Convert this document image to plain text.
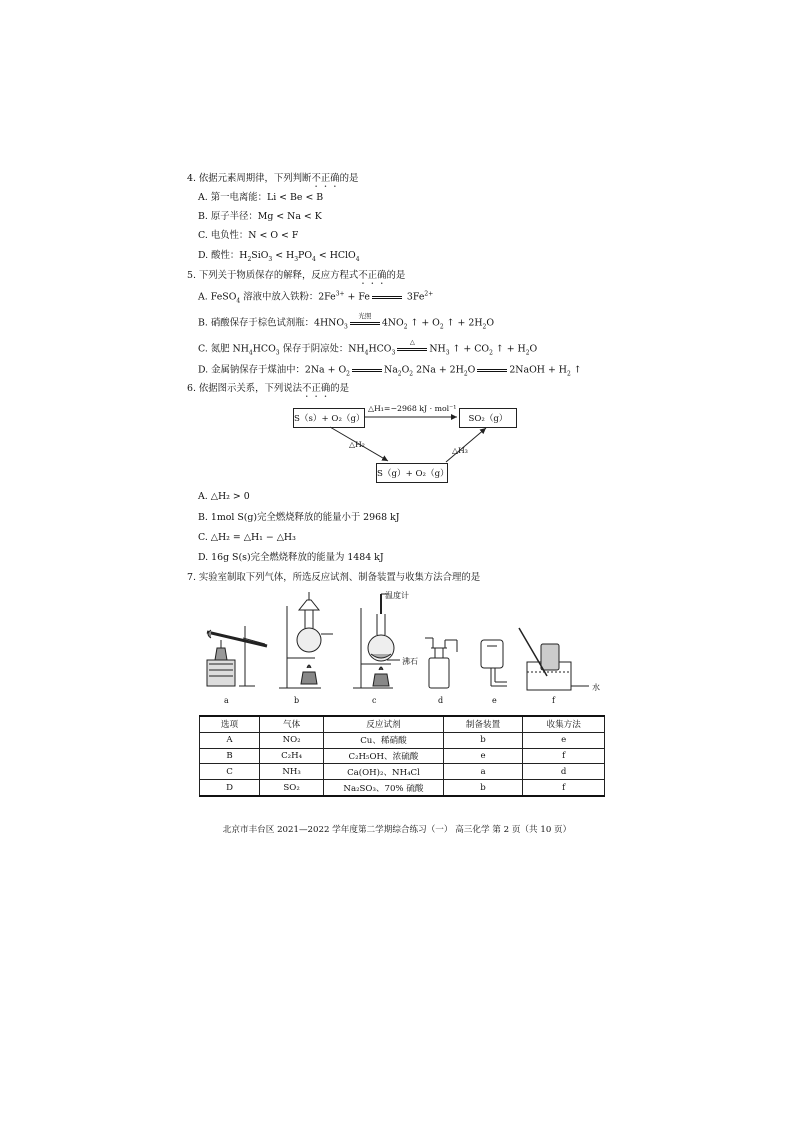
4. 依据元素周期律，下列判断不正确的是
A. 第一电离能：Li < Be < B
B. 原子半径：Mg < Na < K
C. 电负性：N < O < F
D. 酸性：$H_2SiO_3 < H_3PO_4$ < HClO$_4$
5. 下列关于物质保存的解释，反应方程式不正确的是
A. FeSO$_4$ 溶液中放入铁粉：$2Fe^{3+} + Fe$	$3Fe^{2+}$
B. 硝酸保存于棕色试剂瓶：$4HNO_3$
光照
$4NO_2$ ↑ + $O_2$ ↑ + $2H_2O$
C. 氮肥 $NH_4HCO_3$ 保存于阴凉处：$NH_4HCO_3$
△
$NH_3$ ↑ + $CO_2$ ↑ + $H_2O$
D. 金属钠保存于煤油中：$2Na + O_2$	$Na_2O_2$ $2Na + 2H_2O$	2NaOH + $H_2$ ↑
6. 依据图示关系，下列说法不正确的是
S（s）+ O₂（g）	SO₂（g）
S（g）+ O₂（g）
△H₁=−2968 kJ · mol⁻¹
△H₂
△H₃
A. △H₂ > 0
B. 1mol S(g)完全燃烧释放的能量小于 2968 kJ
C. △H₂ = △H₁ − △H₃
D. 16g S(s)完全燃烧释放的能量为 1484 kJ
7. 实验室制取下列气体，所选反应试剂、制备装置与收集方法合理的是
温度计
沸石
水
a	b	c	d	e	f
选项	气体	反应试剂	制备装置	收集方法
A	NO₂	Cu、稀硝酸	b	e
B	C₂H₄	C₂H₅OH、浓硫酸	e	f
C	NH₃	Ca(OH)₂、NH₄Cl	a	d
D	SO₂	Na₂SO₃、70% 硫酸	b	f
北京市丰台区 2021—2022 学年度第二学期综合练习（一） 高三化学 第 2 页（共 10 页）
